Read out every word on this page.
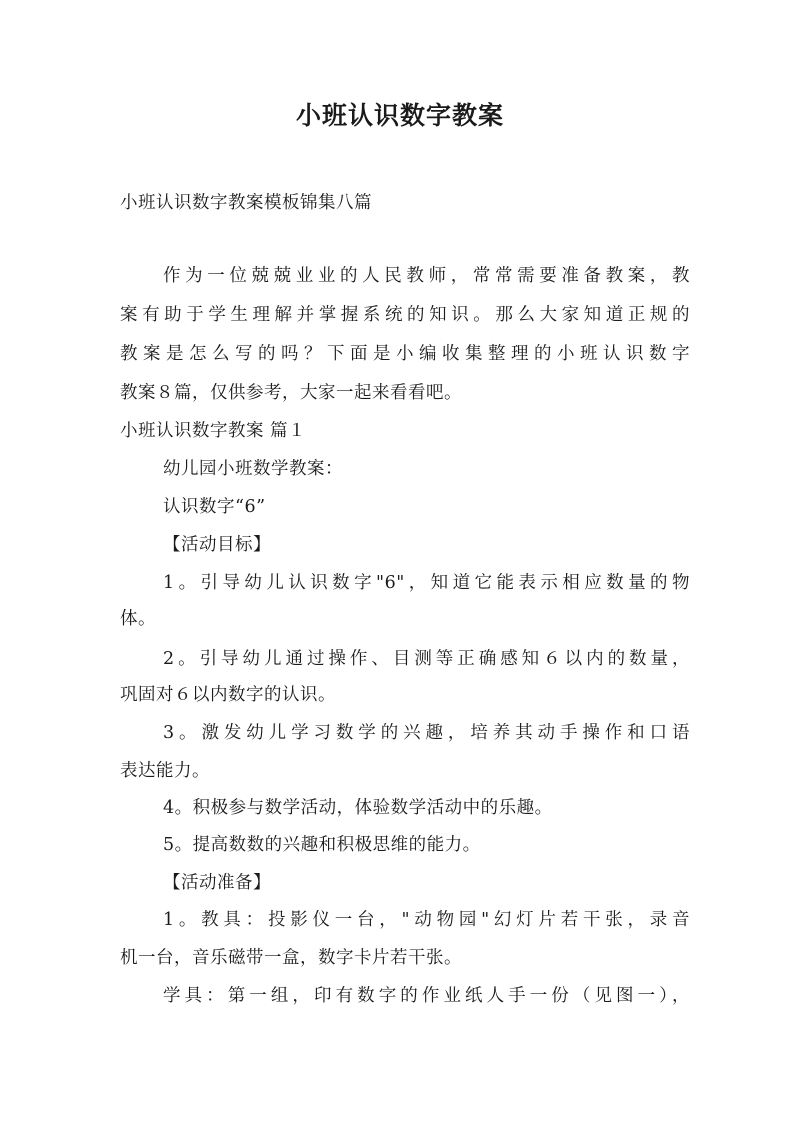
小班认识数字教案
小班认识数字教案模板锦集八篇
作为一位兢兢业业的人民教师，常常需要准备教案，教
案有助于学生理解并掌握系统的知识。那么大家知道正规的
教案是怎么写的吗？下面是小编收集整理的小班认识数字
教案８篇，仅供参考，大家一起来看看吧。
小班认识数字教案 篇１
幼儿园小班数学教案：
认识数字“6”
【活动目标】
1。引导幼儿认识数字"6"，知道它能表示相应数量的物
体。
2。引导幼儿通过操作、目测等正确感知６以内的数量，
巩固对６以内数字的认识。
3。激发幼儿学习数学的兴趣，培养其动手操作和口语
表达能力。
4。积极参与数学活动，体验数学活动中的乐趣。
5。提高数数的兴趣和积极思维的能力。
【活动准备】
1。教具：投影仪一台，"动物园"幻灯片若干张，录音
机一台，音乐磁带一盒，数字卡片若干张。
学具：第一组，印有数字的作业纸人手一份（见图一），
